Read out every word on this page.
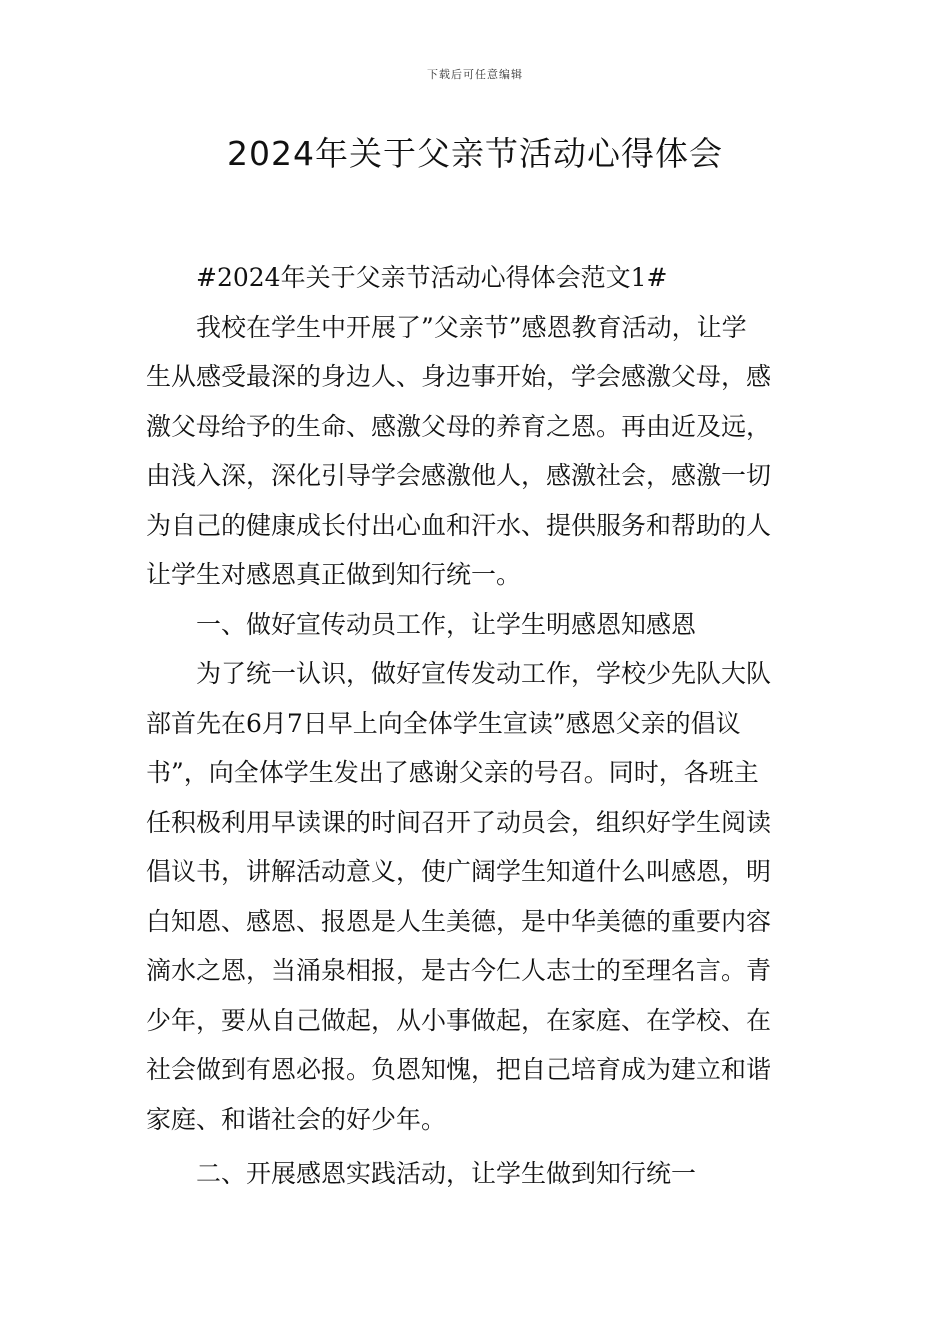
下载后可任意编辑
2024年关于父亲节活动心得体会
#2024年关于父亲节活动心得体会范文1#
我校在学生中开展了”父亲节”感恩教育活动，让学
生从感受最深的身边人、身边事开始，学会感激父母，感
激父母给予的生命、感激父母的养育之恩。再由近及远，
由浅入深，深化引导学会感激他人，感激社会，感激一切
为自己的健康成长付出心血和汗水、提供服务和帮助的人
让学生对感恩真正做到知行统一。
一、做好宣传动员工作，让学生明感恩知感恩
为了统一认识，做好宣传发动工作，学校少先队大队
部首先在6月7日早上向全体学生宣读”感恩父亲的倡议
书”，向全体学生发出了感谢父亲的号召。同时，各班主
任积极利用早读课的时间召开了动员会，组织好学生阅读
倡议书，讲解活动意义，使广阔学生知道什么叫感恩，明
白知恩、感恩、报恩是人生美德，是中华美德的重要内容
滴水之恩，当涌泉相报，是古今仁人志士的至理名言。青
少年，要从自己做起，从小事做起，在家庭、在学校、在
社会做到有恩必报。负恩知愧，把自己培育成为建立和谐
家庭、和谐社会的好少年。
二、开展感恩实践活动，让学生做到知行统一
